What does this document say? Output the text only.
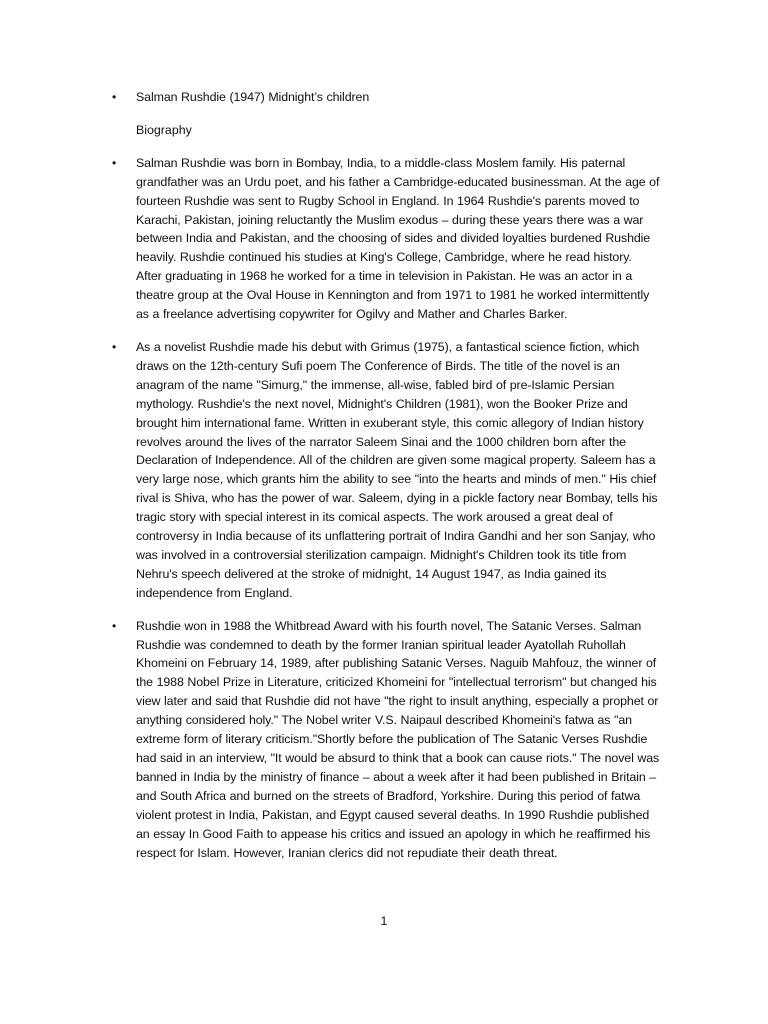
• Salman Rushdie (1947) Midnight’s children
Biography
• Salman Rushdie was born in Bombay, India, to a middle-class Moslem family. His paternal grandfather was an Urdu poet, and his father a Cambridge-educated businessman. At the age of fourteen Rushdie was sent to Rugby School in England. In 1964 Rushdie's parents moved to Karachi, Pakistan, joining reluctantly the Muslim exodus – during these years there was a war between India and Pakistan, and the choosing of sides and divided loyalties burdened Rushdie heavily. Rushdie continued his studies at King's College, Cambridge, where he read history. After graduating in 1968 he worked for a time in television in Pakistan. He was an actor in a theatre group at the Oval House in Kennington and from 1971 to 1981 he worked intermittently as a freelance advertising copywriter for Ogilvy and Mather and Charles Barker.
• As a novelist Rushdie made his debut with Grimus (1975), a fantastical science fiction, which draws on the 12th-century Sufi poem The Conference of Birds. The title of the novel is an anagram of the name "Simurg," the immense, all-wise, fabled bird of pre-Islamic Persian mythology. Rushdie's the next novel, Midnight's Children (1981), won the Booker Prize and brought him international fame. Written in exuberant style, this comic allegory of Indian history revolves around the lives of the narrator Saleem Sinai and the 1000 children born after the Declaration of Independence. All of the children are given some magical property. Saleem has a very large nose, which grants him the ability to see "into the hearts and minds of men." His chief rival is Shiva, who has the power of war. Saleem, dying in a pickle factory near Bombay, tells his tragic story with special interest in its comical aspects. The work aroused a great deal of controversy in India because of its unflattering portrait of Indira Gandhi and her son Sanjay, who was involved in a controversial sterilization campaign. Midnight's Children took its title from Nehru's speech delivered at the stroke of midnight, 14 August 1947, as India gained its independence from England.
• Rushdie won in 1988 the Whitbread Award with his fourth novel, The Satanic Verses. Salman Rushdie was condemned to death by the former Iranian spiritual leader Ayatollah Ruhollah Khomeini on February 14, 1989, after publishing Satanic Verses. Naguib Mahfouz, the winner of the 1988 Nobel Prize in Literature, criticized Khomeini for "intellectual terrorism" but changed his view later and said that Rushdie did not have "the right to insult anything, especially a prophet or anything considered holy." The Nobel writer V.S. Naipaul described Khomeini's fatwa as "an extreme form of literary criticism."Shortly before the publication of The Satanic Verses Rushdie had said in an interview, "It would be absurd to think that a book can cause riots." The novel was banned in India by the ministry of finance – about a week after it had been published in Britain – and South Africa and burned on the streets of Bradford, Yorkshire. During this period of fatwa violent protest in India, Pakistan, and Egypt caused several deaths. In 1990 Rushdie published an essay In Good Faith to appease his critics and issued an apology in which he reaffirmed his respect for Islam. However, Iranian clerics did not repudiate their death threat.
1
